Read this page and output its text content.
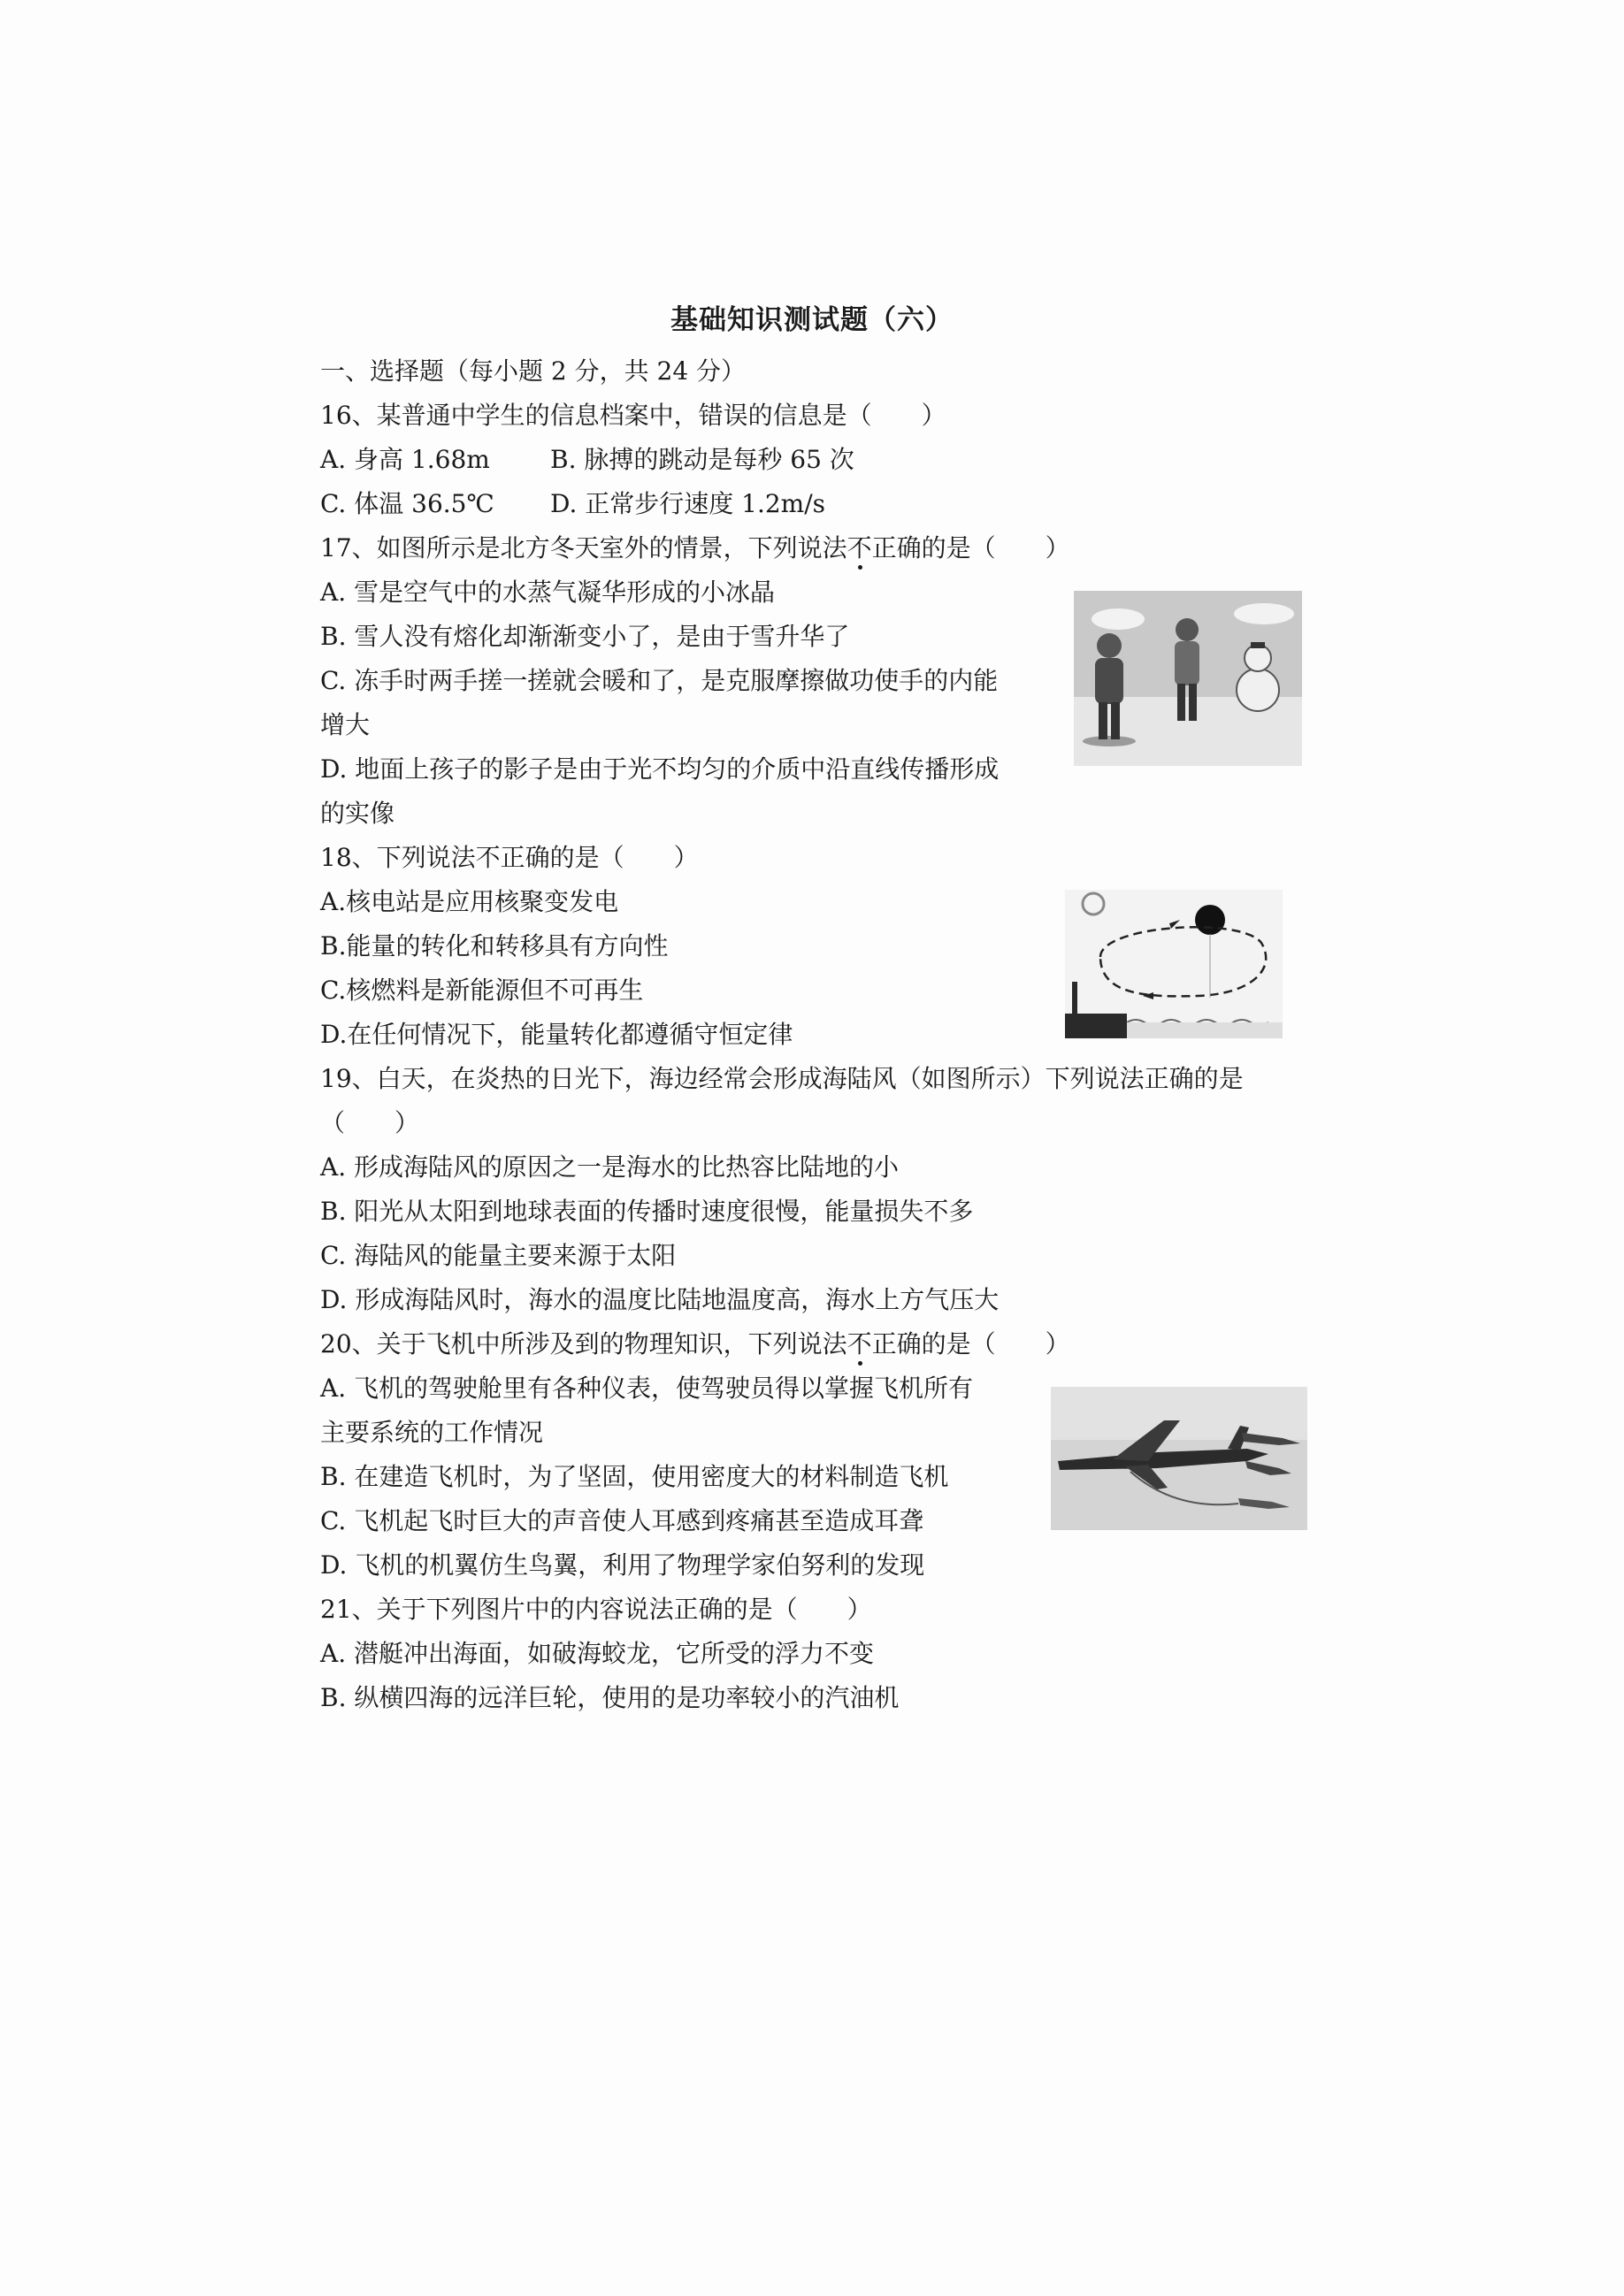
基础知识测试题（六）
一、选择题（每小题 2 分，共 24 分）
16、某普通中学生的信息档案中，错误的信息是（　　）
A. 身高 1.68m B. 脉搏的跳动是每秒 65 次
C. 体温 36.5℃ D. 正常步行速度 1.2m/s
17、如图所示是北方冬天室外的情景，下列说法不正确的是（　　）
A. 雪是空气中的水蒸气凝华形成的小冰晶
B. 雪人没有熔化却渐渐变小了，是由于雪升华了
C. 冻手时两手搓一搓就会暖和了，是克服摩擦做功使手的内能
增大
D. 地面上孩子的影子是由于光不均匀的介质中沿直线传播形成
的实像
18、下列说法不正确的是（　　）
A.核电站是应用核聚变发电
B.能量的转化和转移具有方向性
C.核燃料是新能源但不可再生
D.在任何情况下，能量转化都遵循守恒定律
19、白天，在炎热的日光下，海边经常会形成海陆风（如图所示）下列说法正确的是
（　　）
A. 形成海陆风的原因之一是海水的比热容比陆地的小
B. 阳光从太阳到地球表面的传播时速度很慢，能量损失不多
C. 海陆风的能量主要来源于太阳
D. 形成海陆风时，海水的温度比陆地温度高，海水上方气压大
20、关于飞机中所涉及到的物理知识，下列说法不正确的是（　　）
A. 飞机的驾驶舱里有各种仪表，使驾驶员得以掌握飞机所有
主要系统的工作情况
B. 在建造飞机时，为了坚固，使用密度大的材料制造飞机
C. 飞机起飞时巨大的声音使人耳感到疼痛甚至造成耳聋
D. 飞机的机翼仿生鸟翼，利用了物理学家伯努利的发现
21、关于下列图片中的内容说法正确的是（　　）
A. 潜艇冲出海面，如破海蛟龙，它所受的浮力不变
B. 纵横四海的远洋巨轮，使用的是功率较小的汽油机
